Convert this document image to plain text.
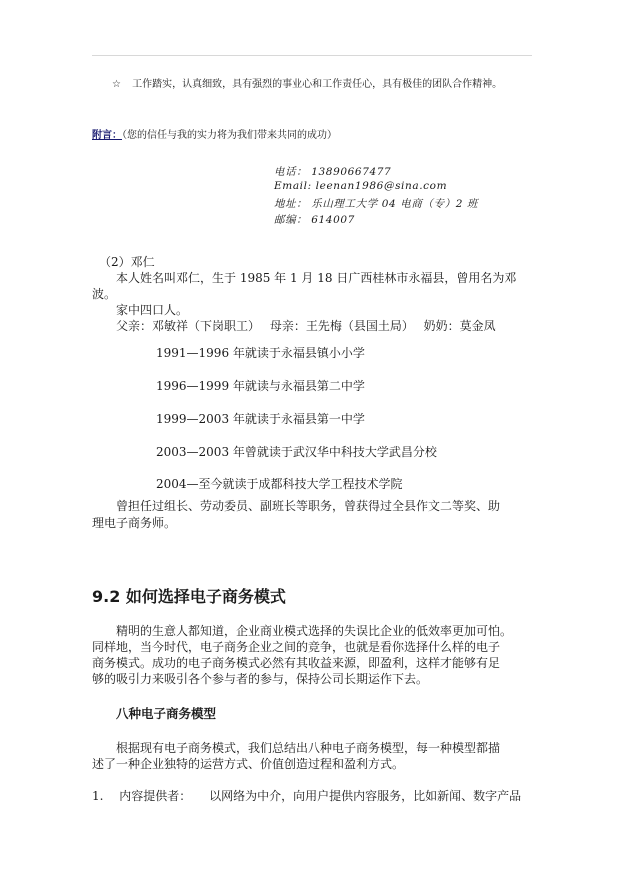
☆ 工作踏实，认真细致，具有强烈的事业心和工作责任心，具有极佳的团队合作精神。
附言：（您的信任与我的实力将为我们带来共同的成功）
电话： 13890667477
Email: leenan1986@sina.com
地址： 乐山理工大学 04 电商（专）2 班
邮编： 614007
（2）邓仁
本人姓名叫邓仁，生于 1985 年 1 月 18 日广西桂林市永福县，曾用名为邓
波。
家中四口人。
父亲：邓敏祥（下岗职工）　 母亲：王先梅（县国土局）　 奶奶：莫金凤
1991—1996 年就读于永福县镇小小学
1996—1999 年就读与永福县第二中学
1999—2003 年就读于永福县第一中学
2003—2003 年曾就读于武汉华中科技大学武昌分校
2004—至今就读于成都科技大学工程技术学院
曾担任过组长、劳动委员、副班长等职务，曾获得过全县作文二等奖、助
理电子商务师。
9.2 如何选择电子商务模式
精明的生意人都知道，企业商业模式选择的失误比企业的低效率更加可怕。
同样地，当今时代，电子商务企业之间的竞争，也就是看你选择什么样的电子
商务模式。成功的电子商务模式必然有其收益来源，即盈利，这样才能够有足
够的吸引力来吸引各个参与者的参与，保持公司长期运作下去。
八种电子商务模型
根据现有电子商务模式，我们总结出八种电子商务模型，每一种模型都描
述了一种企业独特的运营方式、价值创造过程和盈利方式。
1. 内容提供者： 以网络为中介，向用户提供内容服务，比如新闻、数字产品
